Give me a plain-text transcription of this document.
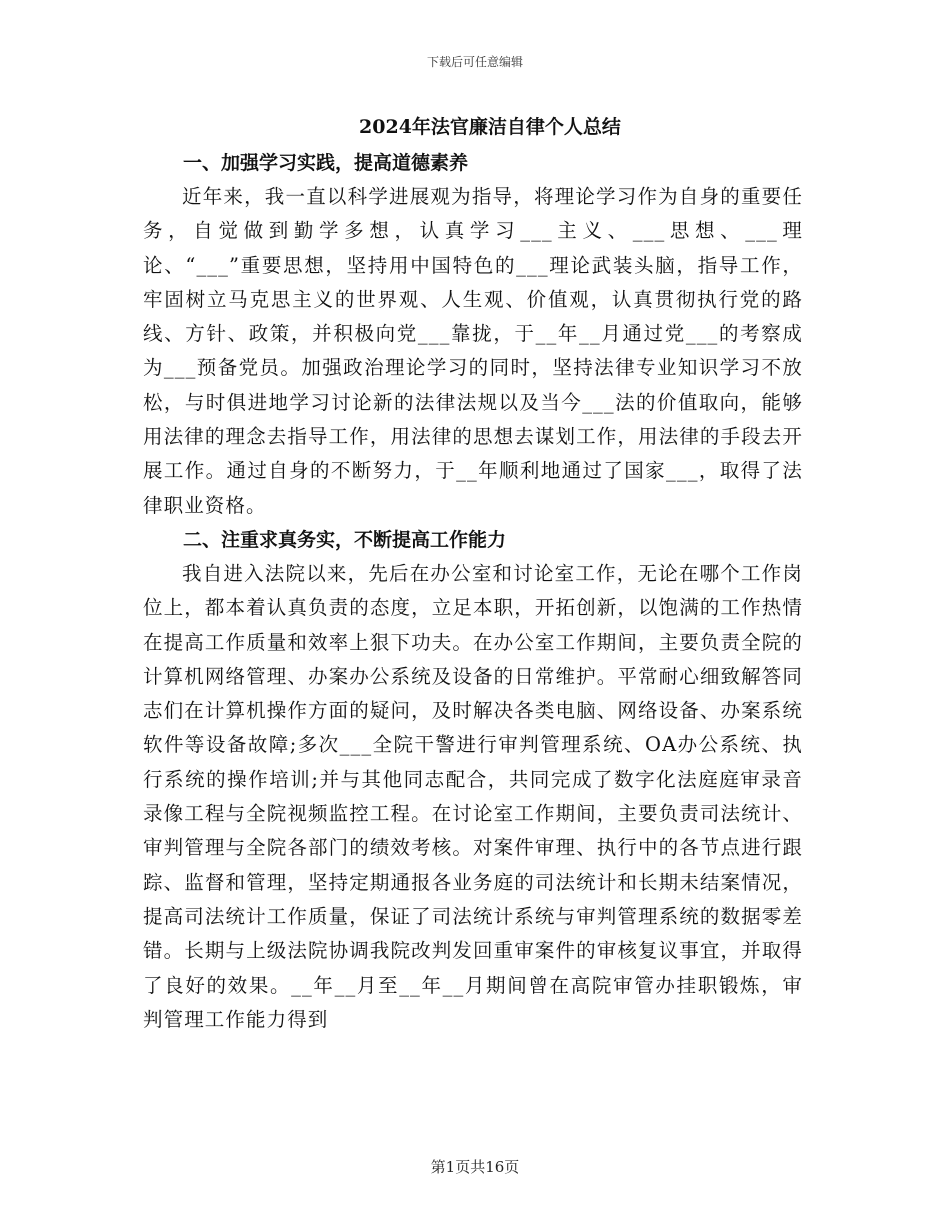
下载后可任意编辑
2024年法官廉洁自律个人总结
一、加强学习实践，提高道德素养

近年来，我一直以科学进展观为指导，将理论学习作为自身的重要任务，自觉做到勤学多想，认真学习___主义、___思想、___理论、“___”重要思想，坚持用中国特色的___理论武装头脑，指导工作，牢固树立马克思主义的世界观、人生观、价值观，认真贯彻执行党的路线、方针、政策，并积极向党___靠拢，于__年__月通过党___的考察成为___预备党员。加强政治理论学习的同时，坚持法律专业知识学习不放松，与时俱进地学习讨论新的法律法规以及当今___法的价值取向，能够用法律的理念去指导工作，用法律的思想去谋划工作，用法律的手段去开展工作。通过自身的不断努力，于__年顺利地通过了国家___，取得了法律职业资格。

二、注重求真务实，不断提高工作能力

我自进入法院以来，先后在办公室和讨论室工作，无论在哪个工作岗位上，都本着认真负责的态度，立足本职，开拓创新，以饱满的工作热情在提高工作质量和效率上狠下功夫。在办公室工作期间，主要负责全院的计算机网络管理、办案办公系统及设备的日常维护。平常耐心细致解答同志们在计算机操作方面的疑问，及时解决各类电脑、网络设备、办案系统软件等设备故障;多次___全院干警进行审判管理系统、OA办公系统、执行系统的操作培训;并与其他同志配合，共同完成了数字化法庭庭审录音录像工程与全院视频监控工程。在讨论室工作期间，主要负责司法统计、审判管理与全院各部门的绩效考核。对案件审理、执行中的各节点进行跟踪、监督和管理，坚持定期通报各业务庭的司法统计和长期未结案情况，提高司法统计工作质量，保证了司法统计系统与审判管理系统的数据零差错。长期与上级法院协调我院改判发回重审案件的审核复议事宜，并取得了良好的效果。__年__月至__年__月期间曾在高院审管办挂职锻炼，审判管理工作能力得到

第1页共16页
